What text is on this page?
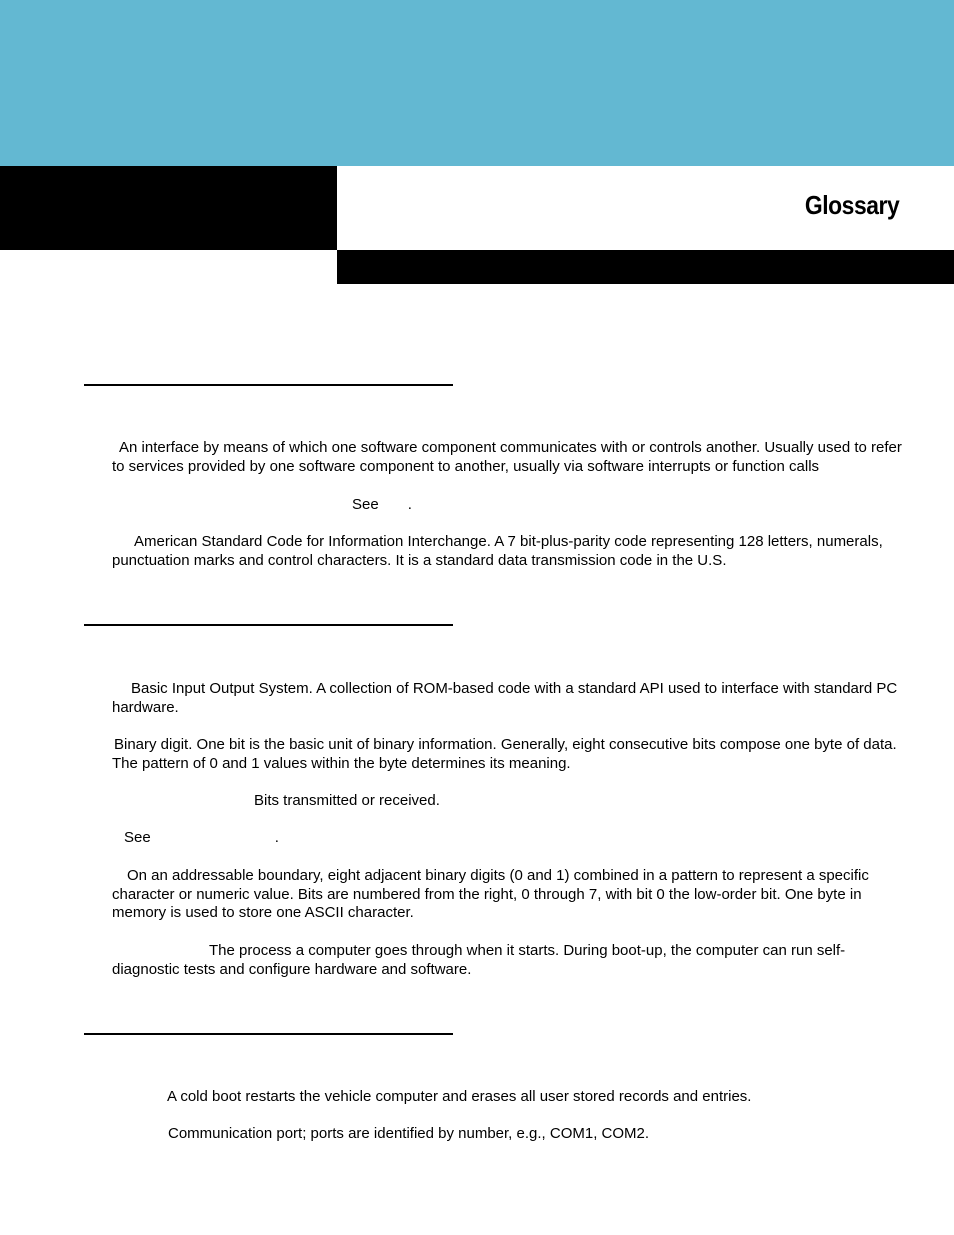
Glossary

An interface by means of which one software component communicates with or controls another. Usually used to refer to services provided by one software component to another, usually via software interrupts or function calls

See .

American Standard Code for Information Interchange. A 7 bit-plus-parity code representing 128 letters, numerals, punctuation marks and control characters. It is a standard data transmission code in the U.S.

Basic Input Output System. A collection of ROM-based code with a standard API used to interface with standard PC hardware.

Binary digit. One bit is the basic unit of binary information. Generally, eight consecutive bits compose one byte of data. The pattern of 0 and 1 values within the byte determines its meaning.

Bits transmitted or received.

See	.

On an addressable boundary, eight adjacent binary digits (0 and 1) combined in a pattern to represent a specific character or numeric value. Bits are numbered from the right, 0 through 7, with bit 0 the low-order bit. One byte in memory is used to store one ASCII character.

The process a computer goes through when it starts. During boot-up, the computer can run self-diagnostic tests and configure hardware and software.

A cold boot restarts the vehicle computer and erases all user stored records and entries.

Communication port; ports are identified by number, e.g., COM1, COM2.
